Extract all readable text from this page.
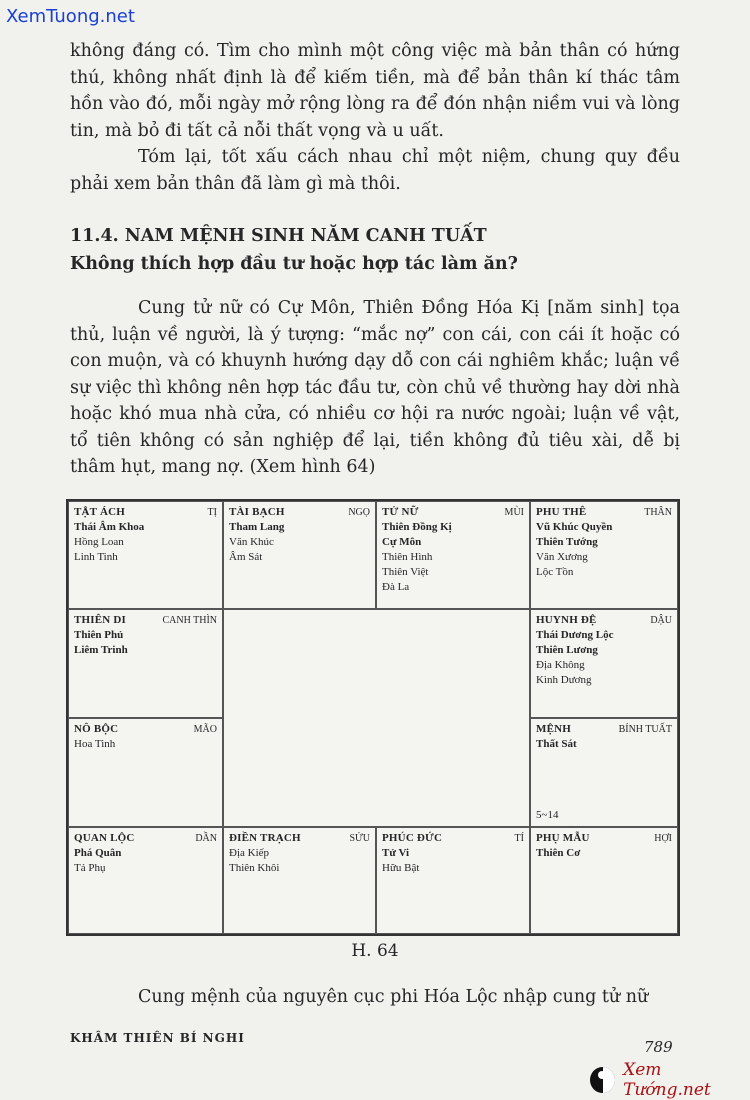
XemTuong.net

không đáng có. Tìm cho mình một công việc mà bản thân có hứng thú, không nhất định là để kiếm tiền, mà để bản thân kí thác tâm hồn vào đó, mỗi ngày mở rộng lòng ra để đón nhận niềm vui và lòng tin, mà bỏ đi tất cả nỗi thất vọng và u uất.

Tóm lại, tốt xấu cách nhau chỉ một niệm, chung quy đều phải xem bản thân đã làm gì mà thôi.

11.4. NAM MỆNH SINH NĂM CANH TUẤT
Không thích hợp đầu tư hoặc hợp tác làm ăn?

Cung tử nữ có Cự Môn, Thiên Đồng Hóa Kị [năm sinh] tọa thủ, luận về người, là ý tượng: “mắc nợ” con cái, con cái ít hoặc có con muộn, và có khuynh hướng dạy dỗ con cái nghiêm khắc; luận về sự việc thì không nên hợp tác đầu tư, còn chủ về thường hay dời nhà hoặc khó mua nhà cửa, có nhiều cơ hội ra nước ngoài; luận về vật, tổ tiên không có sản nghiệp để lại, tiền không đủ tiêu xài, dễ bị thâm hụt, mang nợ. (Xem hình 64)

TẬT ÁCH	TỊ
Thái Âm Khoa
Hồng Loan
Linh Tinh
TÀI BẠCH	NGỌ
Tham Lang
Văn Khúc
Âm Sát
TỬ NỮ	MÙI
Thiên Đồng Kị
Cự Môn
Thiên Hình
Thiên Việt
Đà La
PHU THÊ	THÂN
Vũ Khúc Quyền
Thiên Tướng
Văn Xương
Lộc Tồn
THIÊN DI	CANH THÌN
Thiên Phủ
Liêm Trinh
HUYNH ĐỆ	DẬU
Thái Dương Lộc
Thiên Lương
Địa Không
Kình Dương
NÔ BỘC	MÃO
Hoa Tinh
MỆNH	BÍNH TUẤT
Thất Sát
5~14
QUAN LỘC	DẦN
Phá Quân
Tả Phụ
ĐIỀN TRẠCH	SỬU
Địa Kiếp
Thiên Khôi
PHÚC ĐỨC	TÍ
Tử Vi
Hữu Bật
PHỤ MẪU	HỢI
Thiên Cơ
H. 64

Cung mệnh của nguyên cục phi Hóa Lộc nhập cung tử nữ

KHÂM THIÊN BÍ NGHI	789
Xem Tướng.net
